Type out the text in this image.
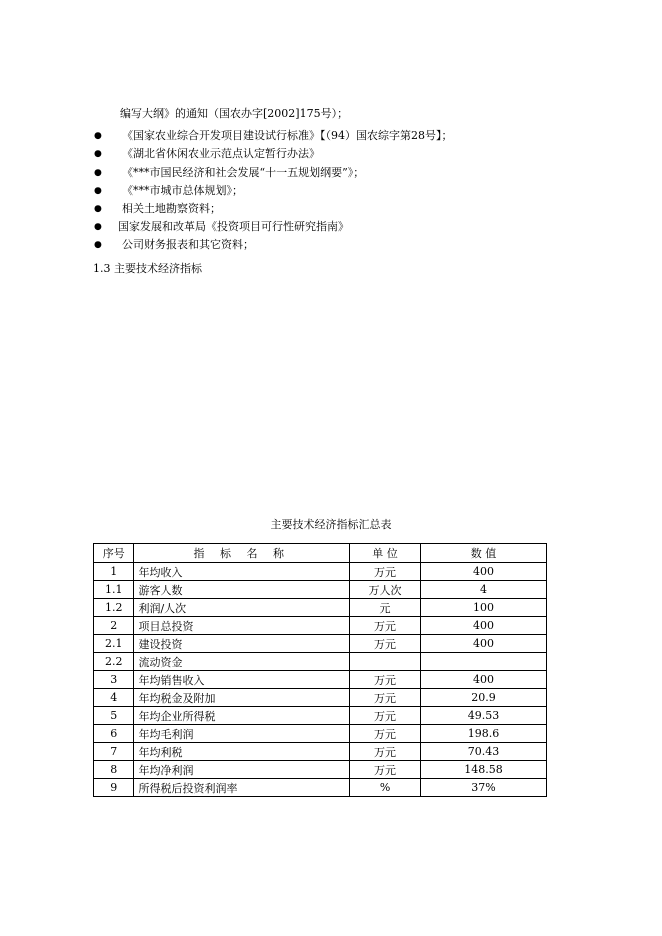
编写大纲》的通知（国农办字[2002]175号）；
● 《国家农业综合开发项目建设试行标准》【（94）国农综字第28号】；
● 《湖北省休闲农业示范点认定暂行办法》
● 《***市国民经济和社会发展“十一五规划纲要”》；
● 《***市城市总体规划》；
● 相关土地勘察资料；
● 国家发展和改革局《投资项目可行性研究指南》
● 公司财务报表和其它资料；
1.3 主要技术经济指标
主要技术经济指标汇总表
序号	指 标 名 称	单 位	数 值
1	年均收入	万元	400
1.1	游客人数	万人次	4
1.2	利润/人次	元	100
2	项目总投资	万元	400
2.1	建设投资	万元	400
2.2	流动资金		
3	年均销售收入	万元	400
4	年均税金及附加	万元	20.9
5	年均企业所得税	万元	49.53
6	年均毛利润	万元	198.6
7	年均利税	万元	70.43
8	年均净利润	万元	148.58
9	所得税后投资利润率	%	37%
